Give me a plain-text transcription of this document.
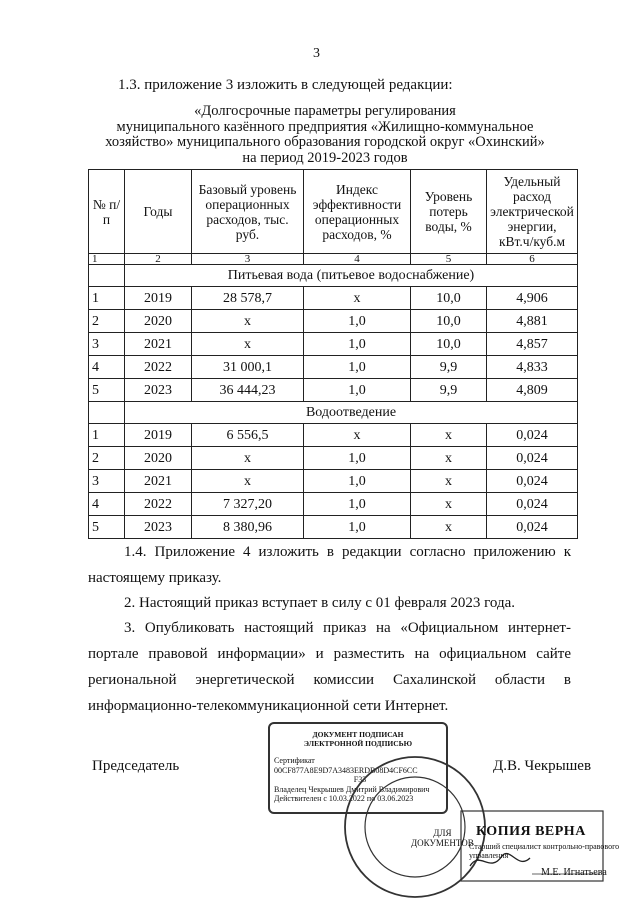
3
1.3. приложение 3 изложить в следующей редакции:
«Долгосрочные параметры регулирования
муниципального казённого предприятия «Жилищно-коммунальное
хозяйство» муниципального образования городской округ «Охинский»
на период 2019-2023 годов
№ п/п	Годы	Базовый уровень операционных расходов, тыс. руб.	Индекс эффективности операционных расходов, %	Уровень потерь воды, %	Удельный расход электрической энергии, кВт.ч/куб.м
1	2	3	4	5	6
	Питьевая вода (питьевое водоснабжение)				
1	2019	28 578,7	х	10,0	4,906
2	2020	х	1,0	10,0	4,881
3	2021	х	1,0	10,0	4,857
4	2022	31 000,1	1,0	9,9	4,833
5	2023	36 444,23	1,0	9,9	4,809
	Водоотведение				
1	2019	6 556,5	х	х	0,024
2	2020	х	1,0	х	0,024
3	2021	х	1,0	х	0,024
4	2022	7 327,20	1,0	х	0,024
5	2023	8 380,96	1,0	х	0,024
1.4. Приложение 4 изложить в редакции согласно приложению к настоящему приказу.
2. Настоящий приказ вступает в силу с 01 февраля 2023 года.
3. Опубликовать настоящий приказ на «Официальном интернет-портале правовой информации» и разместить на официальном сайте региональной энергетической комиссии Сахалинской области в информационно-телекоммуникационной сети Интернет.
Председатель	Д.В. Чекрышев
ДОКУМЕНТ ПОДПИСАН
ЭЛЕКТРОННОЙ ПОДПИСЬЮ
Сертификат 00CF877A8E9D7A3483ERDB08D4CF6CC
F33
Владелец Чекрышев Дмитрий Владимирович
Действителен с 10.03.2022 по 03.06.2023
ДЛЯ
ДОКУМЕНТОВ
КОПИЯ ВЕРНА
Старший специалист контрольно-правового управления
М.Е. Игнатьева
